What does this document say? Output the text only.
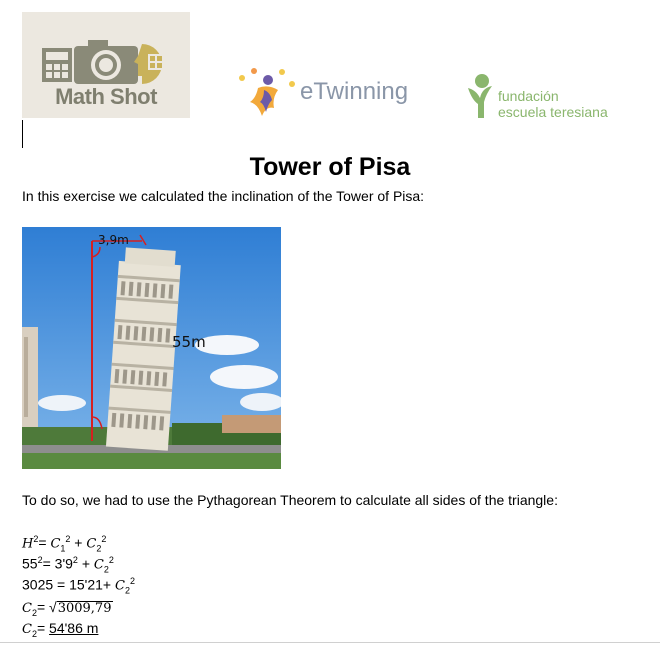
Math Shot	eTwinning	fundación
escuela teresiana
Tower of Pisa
In this exercise we calculated the inclination of the Tower of Pisa:
3,9m
55m
To do so, we had to use the Pythagorean Theorem to calculate all sides of the triangle:
$H^2= C_1^2 + C_2^2$
$55^2= 3'9^2 + C_2^2$
$3025 = 15'21+ C_2^2$
$C_2= √3009,79$
$C_2= 54'86$ m
